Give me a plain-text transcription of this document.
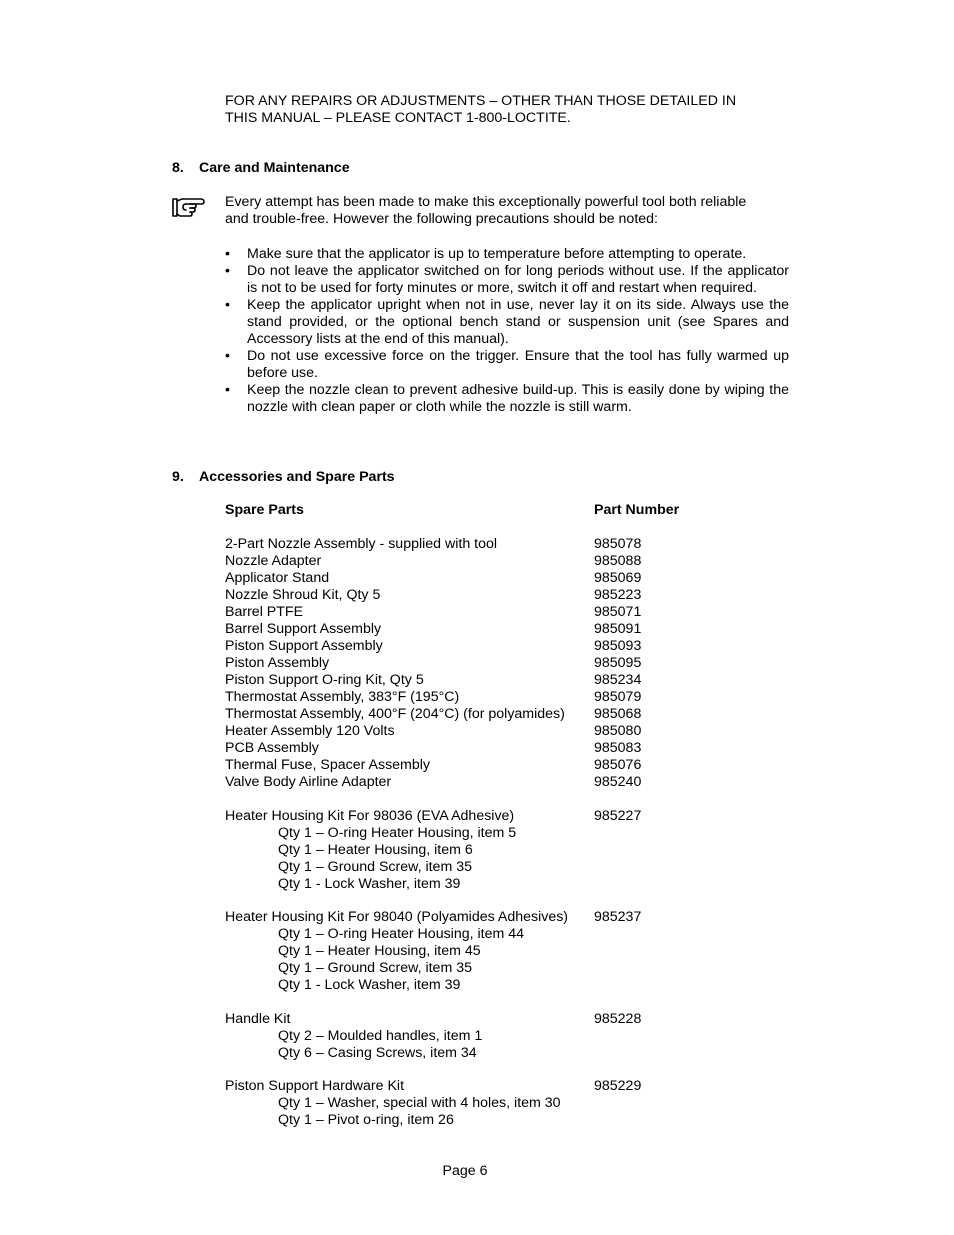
FOR ANY REPAIRS OR ADJUSTMENTS – OTHER THAN THOSE DETAILED IN
THIS MANUAL – PLEASE CONTACT 1-800-LOCTITE.
8. Care and Maintenance
Every attempt has been made to make this exceptionally powerful tool both reliable
and trouble-free. However the following precautions should be noted:
•
Make sure that the applicator is up to temperature before attempting to operate.
•
Do not leave the applicator switched on for long periods without use. If the applicator is not to be used for forty minutes or more, switch it off and restart when required.
•
Keep the applicator upright when not in use, never lay it on its side. Always use the stand provided, or the optional bench stand or suspension unit (see Spares and Accessory lists at the end of this manual).
•
Do not use excessive force on the trigger. Ensure that the tool has fully warmed up before use.
•
Keep the nozzle clean to prevent adhesive build-up. This is easily done by wiping the nozzle with clean paper or cloth while the nozzle is still warm.
9. Accessories and Spare Parts
Spare Parts	Part Number
2-Part Nozzle Assembly - supplied with tool	985078
Nozzle Adapter	985088
Applicator Stand	985069
Nozzle Shroud Kit, Qty 5	985223
Barrel PTFE	985071
Barrel Support Assembly	985091
Piston Support Assembly	985093
Piston Assembly	985095
Piston Support O-ring Kit, Qty 5	985234
Thermostat Assembly, 383°F (195°C)	985079
Thermostat Assembly, 400°F (204°C) (for polyamides)	985068
Heater Assembly 120 Volts	985080
PCB Assembly	985083
Thermal Fuse, Spacer Assembly	985076
Valve Body Airline Adapter	985240
Heater Housing Kit For 98036 (EVA Adhesive)	985227
Qty 1 – O-ring Heater Housing, item 5
Qty 1 – Heater Housing, item 6
Qty 1 – Ground Screw, item 35
Qty 1 - Lock Washer, item 39
Heater Housing Kit For 98040 (Polyamides Adhesives) 985237
Qty 1 – O-ring Heater Housing, item 44
Qty 1 – Heater Housing, item 45
Qty 1 – Ground Screw, item 35
Qty 1 - Lock Washer, item 39
Handle Kit	985228
Qty 2 – Moulded handles, item 1
Qty 6 – Casing Screws, item 34
Piston Support Hardware Kit	985229
Qty 1 – Washer, special with 4 holes, item 30
Qty 1 – Pivot o-ring, item 26
Page 6
